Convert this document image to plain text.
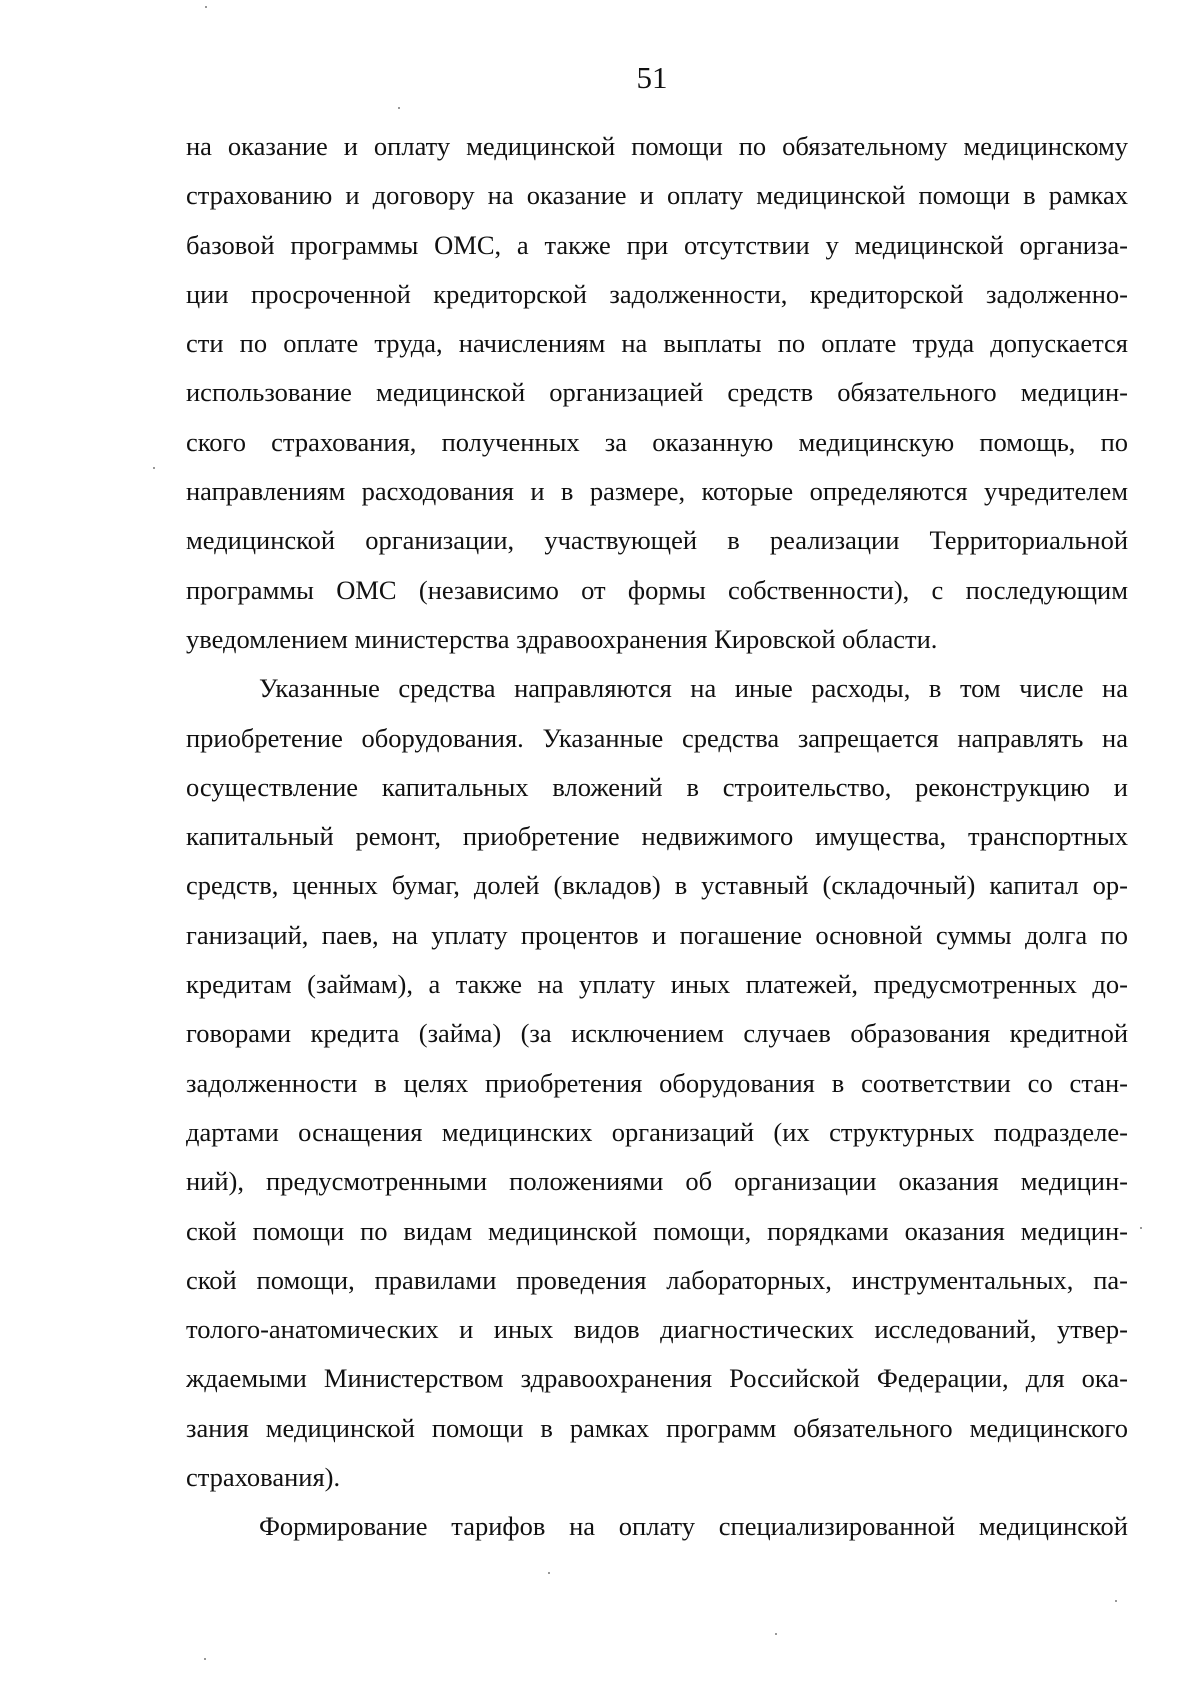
51
на оказание и оплату медицинской помощи по обязательному медицинскому
страхованию и договору на оказание и оплату медицинской помощи в рамках
базовой программы ОМС, а также при отсутствии у медицинской организа-
ции просроченной кредиторской задолженности, кредиторской задолженно-
сти по оплате труда, начислениям на выплаты по оплате труда допускается
использование медицинской организацией средств обязательного медицин-
ского страхования, полученных за оказанную медицинскую помощь, по
направлениям расходования и в размере, которые определяются учредителем
медицинской организации, участвующей в реализации Территориальной
программы ОМС (независимо от формы собственности), с последующим
уведомлением министерства здравоохранения Кировской области.
Указанные средства направляются на иные расходы, в том числе на
приобретение оборудования. Указанные средства запрещается направлять на
осуществление капитальных вложений в строительство, реконструкцию и
капитальный ремонт, приобретение недвижимого имущества, транспортных
средств, ценных бумаг, долей (вкладов) в уставный (складочный) капитал ор-
ганизаций, паев, на уплату процентов и погашение основной суммы долга по
кредитам (займам), а также на уплату иных платежей, предусмотренных до-
говорами кредита (займа) (за исключением случаев образования кредитной
задолженности в целях приобретения оборудования в соответствии со стан-
дартами оснащения медицинских организаций (их структурных подразделе-
ний), предусмотренными положениями об организации оказания медицин-
ской помощи по видам медицинской помощи, порядками оказания медицин-
ской помощи, правилами проведения лабораторных, инструментальных, па-
толого-анатомических и иных видов диагностических исследований, утвер-
ждаемыми Министерством здравоохранения Российской Федерации, для ока-
зания медицинской помощи в рамках программ обязательного медицинского
страхования).
Формирование тарифов на оплату специализированной медицинской
